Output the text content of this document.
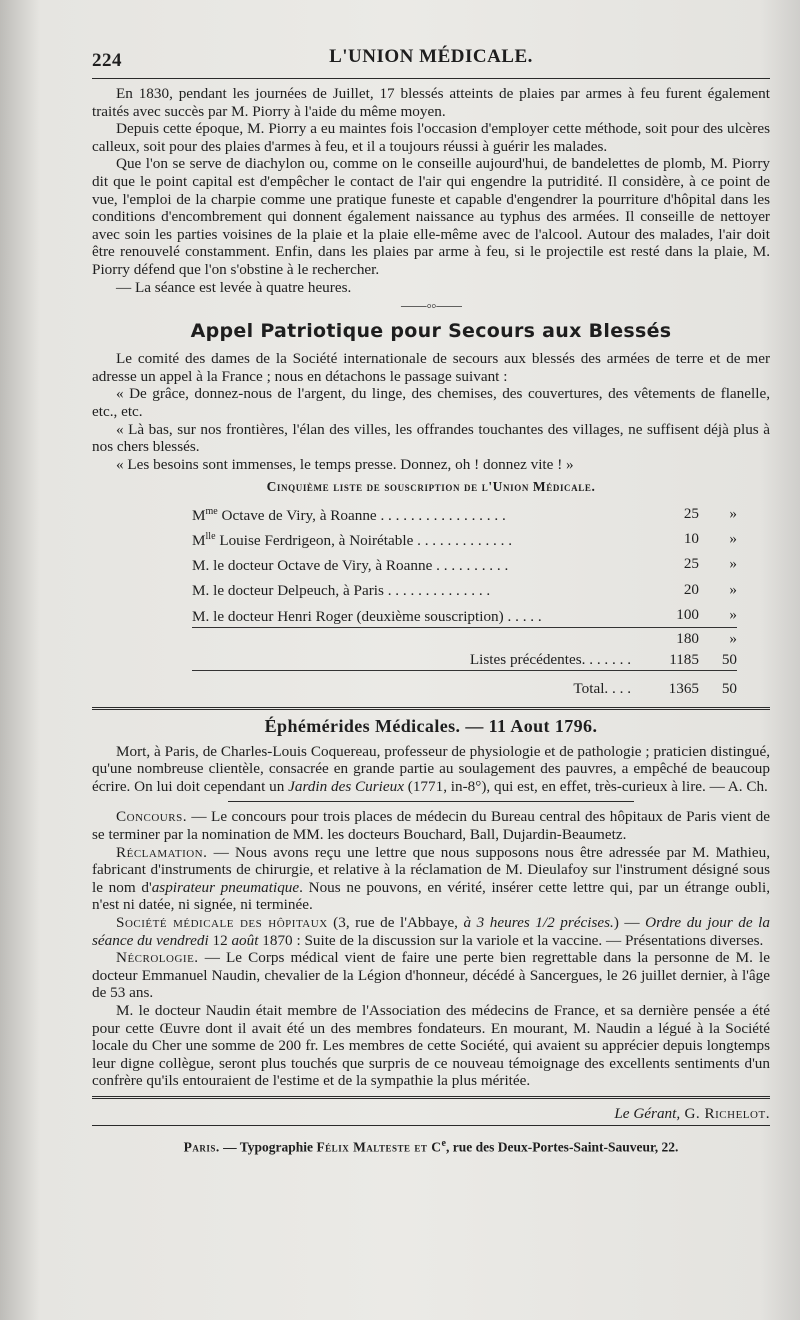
224	L'UNION MÉDICALE.

En 1830, pendant les journées de Juillet, 17 blessés atteints de plaies par armes à feu furent également traités avec succès par M. Piorry à l'aide du même moyen.

Depuis cette époque, M. Piorry a eu maintes fois l'occasion d'employer cette méthode, soit pour des ulcères calleux, soit pour des plaies d'armes à feu, et il a toujours réussi à guérir les malades.

Que l'on se serve de diachylon ou, comme on le conseille aujourd'hui, de bandelettes de plomb, M. Piorry dit que le point capital est d'empêcher le contact de l'air qui engendre la putridité. Il considère, à ce point de vue, l'emploi de la charpie comme une pratique funeste et capable d'engendrer la pourriture d'hôpital dans les conditions d'encombrement qui donnent également naissance au typhus des armées. Il conseille de nettoyer avec soin les parties voisines de la plaie et la plaie elle-même avec de l'alcool. Autour des malades, l'air doit être renouvelé constamment. Enfin, dans les plaies par arme à feu, si le projectile est resté dans la plaie, M. Piorry défend que l'on s'obstine à le rechercher.

— La séance est levée à quatre heures.

⸺◦◦⸺
Appel Patriotique pour Secours aux Blessés

Le comité des dames de la Société internationale de secours aux blessés des armées de terre et de mer adresse un appel à la France ; nous en détachons le passage suivant :

« De grâce, donnez-nous de l'argent, du linge, des chemises, des couvertures, des vêtements de flanelle, etc., etc.

« Là bas, sur nos frontières, l'élan des villes, les offrandes touchantes des villages, ne suffisent déjà plus à nos chers blessés.

« Les besoins sont immenses, le temps presse. Donnez, oh ! donnez vite ! »

Cinquième liste de souscription de l'Union Médicale.
$M^{me}$ Octave de Viry, à Roanne . . . . . . . . . . . . . . . . .	25	»
$M^{lle}$ Louise Ferdrigeon, à Noirétable . . . . . . . . . . . . .	10	»
M. le docteur Octave de Viry, à Roanne . . . . . . . . . .	25	»
M. le docteur Delpeuch, à Paris . . . . . . . . . . . . . .	20	»
M. le docteur Henri Roger (deuxième souscription) . . . . .	100	»
	180	»
Listes précédentes. . . . . . .	1185	50
Total. . . .	1365	50
Éphémérides Médicales. — 11 Aout 1796.

Mort, à Paris, de Charles-Louis Coquereau, professeur de physiologie et de pathologie ; praticien distingué, qu'une nombreuse clientèle, consacrée en grande partie au soulagement des pauvres, a empêché de beaucoup écrire. On lui doit cependant un Jardin des Curieux (1771, in-8°), qui est, en effet, très-curieux à lire. — A. Ch.

Concours. — Le concours pour trois places de médecin du Bureau central des hôpitaux de Paris vient de se terminer par la nomination de MM. les docteurs Bouchard, Ball, Dujardin-Beaumetz.

Réclamation. — Nous avons reçu une lettre que nous supposons nous être adressée par M. Mathieu, fabricant d'instruments de chirurgie, et relative à la réclamation de M. Dieulafoy sur l'instrument désigné sous le nom d'aspirateur pneumatique. Nous ne pouvons, en vérité, insérer cette lettre qui, par un étrange oubli, n'est ni datée, ni signée, ni terminée.

Société médicale des hôpitaux (3, rue de l'Abbaye, à 3 heures 1/2 précises.) — Ordre du jour de la séance du vendredi 12 août 1870 : Suite de la discussion sur la variole et la vaccine. — Présentations diverses.

Nécrologie. — Le Corps médical vient de faire une perte bien regrettable dans la personne de M. le docteur Emmanuel Naudin, chevalier de la Légion d'honneur, décédé à Sancergues, le 26 juillet dernier, à l'âge de 53 ans.

M. le docteur Naudin était membre de l'Association des médecins de France, et sa dernière pensée a été pour cette Œuvre dont il avait été un des membres fondateurs. En mourant, M. Naudin a légué à la Société locale du Cher une somme de 200 fr. Les membres de cette Société, qui avaient su apprécier depuis longtemps leur digne collègue, seront plus touchés que surpris de ce nouveau témoignage des excellents sentiments d'un confrère qu'ils entouraient de l'estime et de la sympathie la plus méritée.

Le Gérant, G. Richelot.
Paris. — Typographie Félix Malteste et Ce, rue des Deux-Portes-Saint-Sauveur, 22.
